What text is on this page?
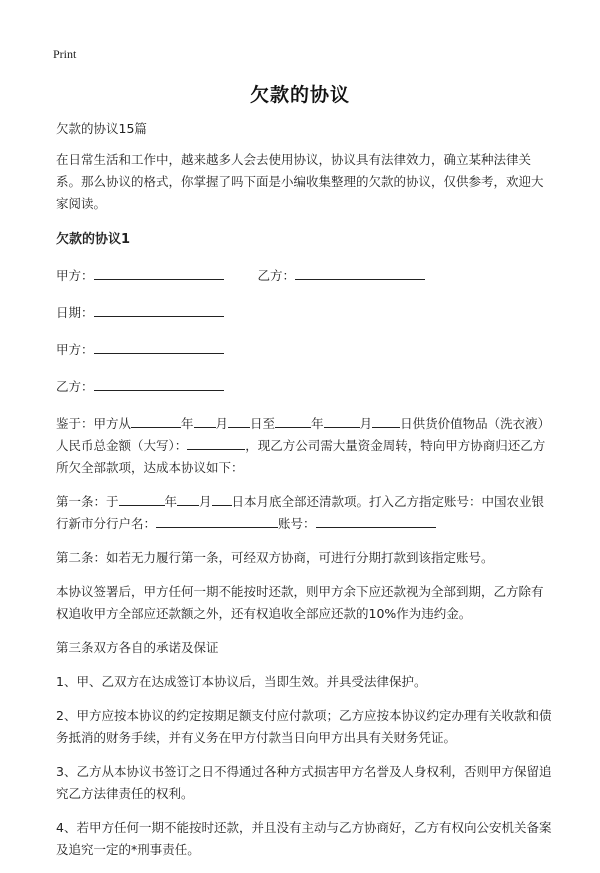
Print
欠款的协议

欠款的协议15篇

在日常生活和工作中，越来越多人会去使用协议，协议具有法律效力，确立某种法律关系。那么协议的格式，你掌握了吗下面是小编收集整理的欠款的协议，仅供参考，欢迎大家阅读。

欠款的协议1

甲方：	乙方：

日期：

甲方：

乙方：

鉴于：甲方从	年 月 日至	年	月 日供货价值物品（洗衣液）人民币总金额（大写）：	，现乙方公司需大量资金周转，特向甲方协商归还乙方所欠全部款项，达成本协议如下：

第一条：于	年 月 日本月底全部还清款项。打入乙方指定账号：中国农业银行新市分行户名：	账号：

第二条：如若无力履行第一条，可经双方协商，可进行分期打款到该指定账号。

本协议签署后，甲方任何一期不能按时还款，则甲方余下应还款视为全部到期，乙方除有权追收甲方全部应还款额之外，还有权追收全部应还款的10%作为违约金。

第三条双方各自的承诺及保证

1、甲、乙双方在达成签订本协议后，当即生效。并具受法律保护。

2、甲方应按本协议的约定按期足额支付应付款项；乙方应按本协议约定办理有关收款和债务抵消的财务手续，并有义务在甲方付款当日向甲方出具有关财务凭证。

3、乙方从本协议书签订之日不得通过各种方式损害甲方名誉及人身权利，否则甲方保留追究乙方法律责任的权利。

4、若甲方任何一期不能按时还款，并且没有主动与乙方协商好，乙方有权向公安机关备案及追究一定的*刑事责任。
